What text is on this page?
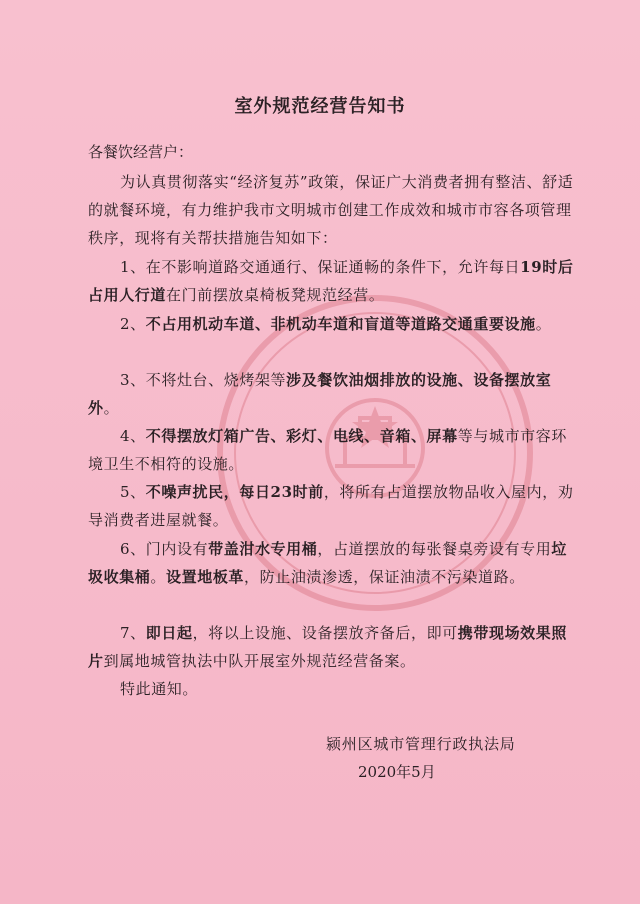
室外规范经营告知书
各餐饮经营户：

为认真贯彻落实“经济复苏”政策，保证广大消费者拥有整洁、舒适的就餐环境，有力维护我市文明城市创建工作成效和城市市容各项管理秩序，现将有关帮扶措施告知如下：

1、在不影响道路交通通行、保证通畅的条件下，允许每日19时后占用人行道在门前摆放桌椅板凳规范经营。

2、不占用机动车道、非机动车道和盲道等道路交通重要设施。

3、不将灶台、烧烤架等涉及餐饮油烟排放的设施、设备摆放室外。

4、不得摆放灯箱广告、彩灯、电线、音箱、屏幕等与城市市容环境卫生不相符的设施。

5、不噪声扰民，每日23时前，将所有占道摆放物品收入屋内，劝导消费者进屋就餐。

6、门内设有带盖泔水专用桶，占道摆放的每张餐桌旁设有专用垃圾收集桶。设置地板革，防止油渍渗透，保证油渍不污染道路。

7、即日起，将以上设施、设备摆放齐备后，即可携带现场效果照片到属地城管执法中队开展室外规范经营备案。

特此通知。

颍州区城市管理行政执法局
2020年5月
